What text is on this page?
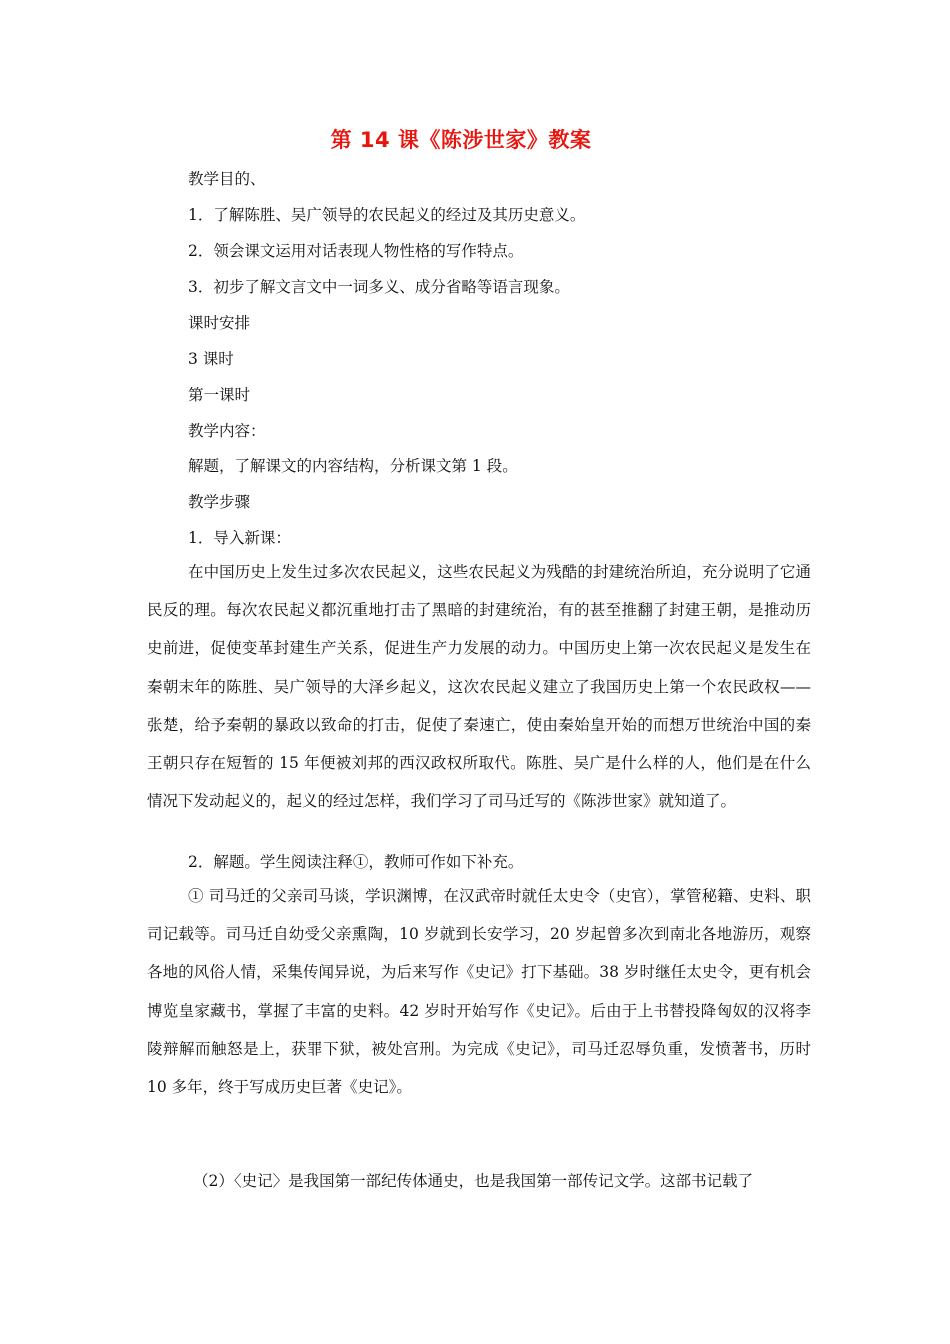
第 14 课《陈涉世家》教案
教学目的、
1．了解陈胜、吴广领导的农民起义的经过及其历史意义。
2．领会课文运用对话表现人物性格的写作特点。
3．初步了解文言文中一词多义、成分省略等语言现象。
课时安排
3 课时
第一课时
教学内容：
解题，了解课文的内容结构，分析课文第 1 段。
教学步骤
1．导入新课：

在中国历史上发生过多次农民起义，这些农民起义为残酷的封建统治所迫，充分说明了它通民反的理。每次农民起义都沉重地打击了黑暗的封建统治，有的甚至推翻了封建王朝，是推动历史前进，促使变革封建生产关系，促进生产力发展的动力。中国历史上第一次农民起义是发生在秦朝末年的陈胜、吴广领导的大泽乡起义，这次农民起义建立了我国历史上第一个农民政权——张楚，给予秦朝的暴政以致命的打击，促使了秦速亡，使由秦始皇开始的而想万世统治中国的秦王朝只存在短暂的 15 年便被刘邦的西汉政权所取代。陈胜、吴广是什么样的人，他们是在什么情况下发动起义的，起义的经过怎样，我们学习了司马迁写的《陈涉世家》就知道了。

2．解题。学生阅读注释①，教师可作如下补充。

① 司马迁的父亲司马谈，学识渊博，在汉武帝时就任太史令（史官），掌管秘籍、史料、职司记载等。司马迁自幼受父亲熏陶，10 岁就到长安学习，20 岁起曾多次到南北各地游历，观察各地的风俗人情，采集传闻异说，为后来写作《史记》打下基础。38 岁时继任太史令，更有机会博览皇家藏书，掌握了丰富的史料。42 岁时开始写作《史记》。后由于上书替投降匈奴的汉将李陵辩解而触怒是上，获罪下狱，被处宫刑。为完成《史记》，司马迁忍辱负重，发愤著书，历时 10 多年，终于写成历史巨著《史记》。

（2）〈史记〉是我国第一部纪传体通史，也是我国第一部传记文学。这部书记载了
